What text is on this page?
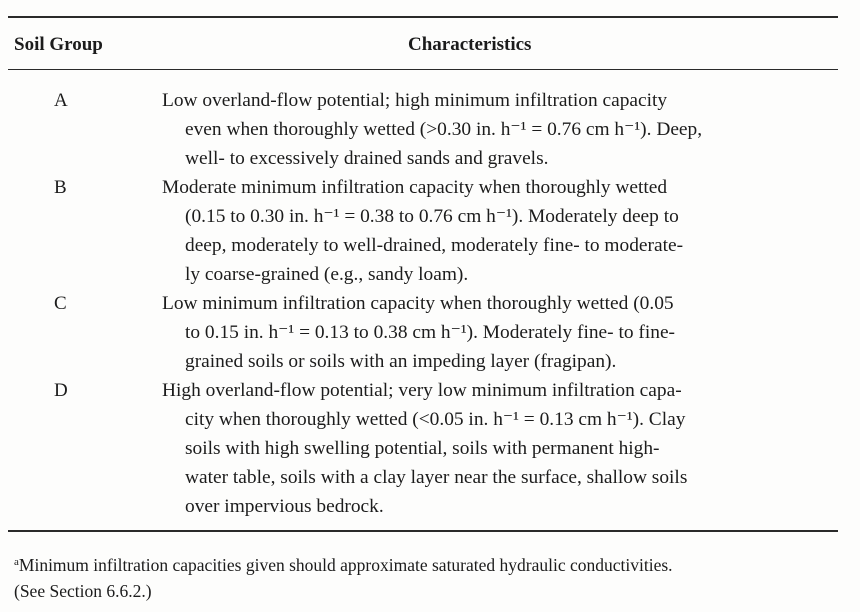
Soil Group	Characteristics
A	Low overland-flow potential; high minimum infiltration capacity
even when thoroughly wetted (>0.30 in. h⁻¹ = 0.76 cm h⁻¹). Deep,
well- to excessively drained sands and gravels.
B	Moderate minimum infiltration capacity when thoroughly wetted
(0.15 to 0.30 in. h⁻¹ = 0.38 to 0.76 cm h⁻¹). Moderately deep to
deep, moderately to well-drained, moderately fine- to moderate-
ly coarse-grained (e.g., sandy loam).
C	Low minimum infiltration capacity when thoroughly wetted (0.05
to 0.15 in. h⁻¹ = 0.13 to 0.38 cm h⁻¹). Moderately fine- to fine-
grained soils or soils with an impeding layer (fragipan).
D	High overland-flow potential; very low minimum infiltration capa-
city when thoroughly wetted (<0.05 in. h⁻¹ = 0.13 cm h⁻¹). Clay
soils with high swelling potential, soils with permanent high-
water table, soils with a clay layer near the surface, shallow soils
over impervious bedrock.
$^a$Minimum infiltration capacities given should approximate saturated hydraulic conductivities.
(See Section 6.6.2.)
